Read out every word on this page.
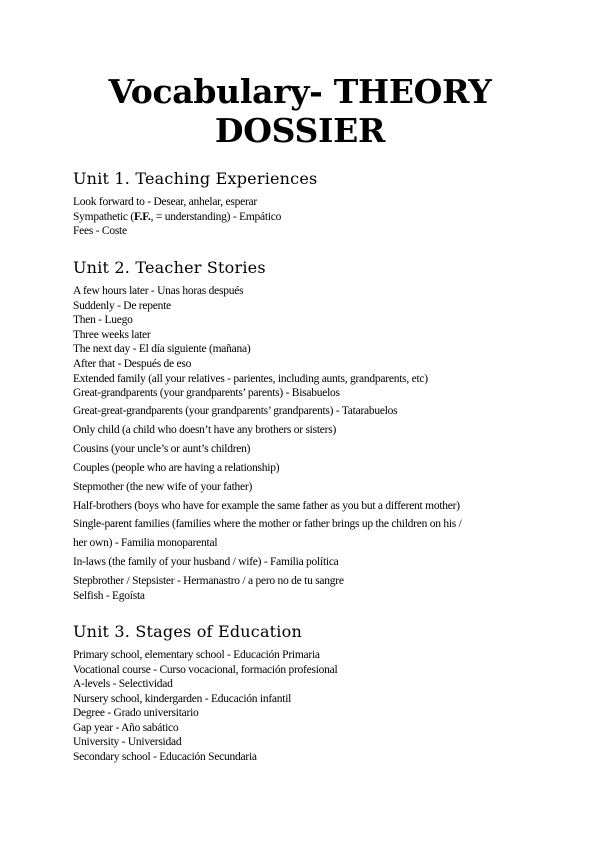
Vocabulary- THEORY
DOSSIER
Unit 1. Teaching Experiences
Look forward to - Desear, anhelar, esperar
Sympathetic (F.F., = understanding) - Empático
Fees - Coste
Unit 2. Teacher Stories
A few hours later - Unas horas después
Suddenly - De repente
Then - Luego
Three weeks later
The next day - El día siguiente (mañana)
After that - Después de eso
Extended family (all your relatives - parientes, including aunts, grandparents, etc)
Great-grandparents (your grandparents’ parents) - Bisabuelos
Great-great-grandparents (your grandparents’ grandparents) - Tatarabuelos
Only child (a child who doesn’t have any brothers or sisters)
Cousins (your uncle’s or aunt’s children)
Couples (people who are having a relationship)
Stepmother (the new wife of your father)
Half-brothers (boys who have for example the same father as you but a different mother)
Single-parent families (families where the mother or father brings up the children on his /
her own) - Familia monoparental
In-laws (the family of your husband / wife) - Familia política
Stepbrother / Stepsister - Hermanastro / a pero no de tu sangre
Selfish - Egoísta
Unit 3. Stages of Education
Primary school, elementary school - Educación Primaria
Vocational course - Curso vocacional, formación profesional
A-levels - Selectividad
Nursery school, kindergarden - Educación infantil
Degree - Grado universitario
Gap year - Año sabático
University - Universidad
Secondary school - Educación Secundaria
